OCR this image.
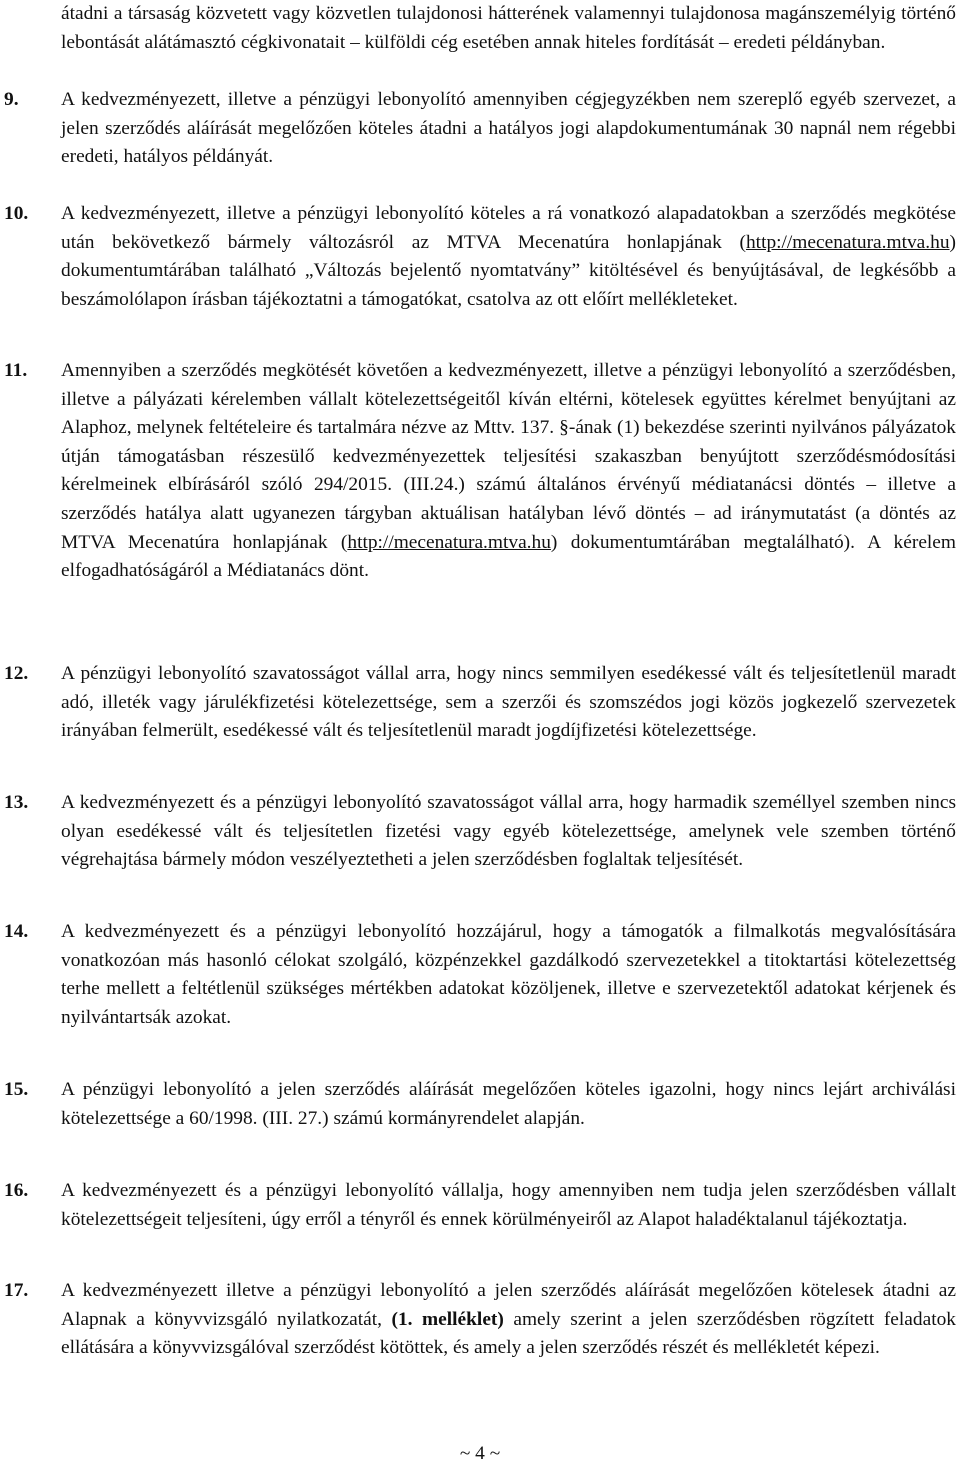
átadni a társaság közvetett vagy közvetlen tulajdonosi hátterének valamennyi tulajdonosa magánszemélyig történő lebontását alátámasztó cégkivonatait – külföldi cég esetében annak hiteles fordítását – eredeti példányban.
9. A kedvezményezett, illetve a pénzügyi lebonyolító amennyiben cégjegyzékben nem szereplő egyéb szervezet, a jelen szerződés aláírását megelőzően köteles átadni a hatályos jogi alapdokumentumának 30 napnál nem régebbi eredeti, hatályos példányát.
10. A kedvezményezett, illetve a pénzügyi lebonyolító köteles a rá vonatkozó alapadatokban a szerződés megkötése után bekövetkező bármely változásról az MTVA Mecenatúra honlapjának (http://mecenatura.mtva.hu) dokumentumtárában található „Változás bejelentő nyomtatvány” kitöltésével és benyújtásával, de legkésőbb a beszámolólapon írásban tájékoztatni a támogatókat, csatolva az ott előírt mellékleteket.
11. Amennyiben a szerződés megkötését követően a kedvezményezett, illetve a pénzügyi lebonyolító a szerződésben, illetve a pályázati kérelemben vállalt kötelezettségeitől kíván eltérni, kötelesek együttes kérelmet benyújtani az Alaphoz, melynek feltételeire és tartalmára nézve az Mttv. 137. §-ának (1) bekezdése szerinti nyilvános pályázatok útján támogatásban részesülő kedvezményezettek teljesítési szakaszban benyújtott szerződésmódosítási kérelmeinek elbírásáról szóló 294/2015. (III.24.) számú általános érvényű médiatanácsi döntés – illetve a szerződés hatálya alatt ugyanezen tárgyban aktuálisan hatályban lévő döntés – ad iránymutatást (a döntés az MTVA Mecenatúra honlapjának (http://mecenatura.mtva.hu) dokumentumtárában megtalálható). A kérelem elfogadhatóságáról a Médiatanács dönt.
12. A pénzügyi lebonyolító szavatosságot vállal arra, hogy nincs semmilyen esedékessé vált és teljesítetlenül maradt adó, illeték vagy járulékfizetési kötelezettsége, sem a szerzői és szomszédos jogi közös jogkezelő szervezetek irányában felmerült, esedékessé vált és teljesítetlenül maradt jogdíjfizetési kötelezettsége.
13. A kedvezményezett és a pénzügyi lebonyolító szavatosságot vállal arra, hogy harmadik személlyel szemben nincs olyan esedékessé vált és teljesítetlen fizetési vagy egyéb kötelezettsége, amelynek vele szemben történő végrehajtása bármely módon veszélyeztetheti a jelen szerződésben foglaltak teljesítését.
14. A kedvezményezett és a pénzügyi lebonyolító hozzájárul, hogy a támogatók a filmalkotás megvalósítására vonatkozóan más hasonló célokat szolgáló, közpénzekkel gazdálkodó szervezetekkel a titoktartási kötelezettség terhe mellett a feltétlenül szükséges mértékben adatokat közöljenek, illetve e szervezetektől adatokat kérjenek és nyilvántartsák azokat.
15. A pénzügyi lebonyolító a jelen szerződés aláírását megelőzően köteles igazolni, hogy nincs lejárt archiválási kötelezettsége a 60/1998. (III. 27.) számú kormányrendelet alapján.
16. A kedvezményezett és a pénzügyi lebonyolító vállalja, hogy amennyiben nem tudja jelen szerződésben vállalt kötelezettségeit teljesíteni, úgy erről a tényről és ennek körülményeiről az Alapot haladéktalanul tájékoztatja.
17. A kedvezményezett illetve a pénzügyi lebonyolító a jelen szerződés aláírását megelőzően kötelesek átadni az Alapnak a könyvvizsgáló nyilatkozatát, (1. melléklet) amely szerint a jelen szerződésben rögzített feladatok ellátására a könyvvizsgálóval szerződést kötöttek, és amely a jelen szerződés részét és mellékletét képezi.
~ 4 ~
